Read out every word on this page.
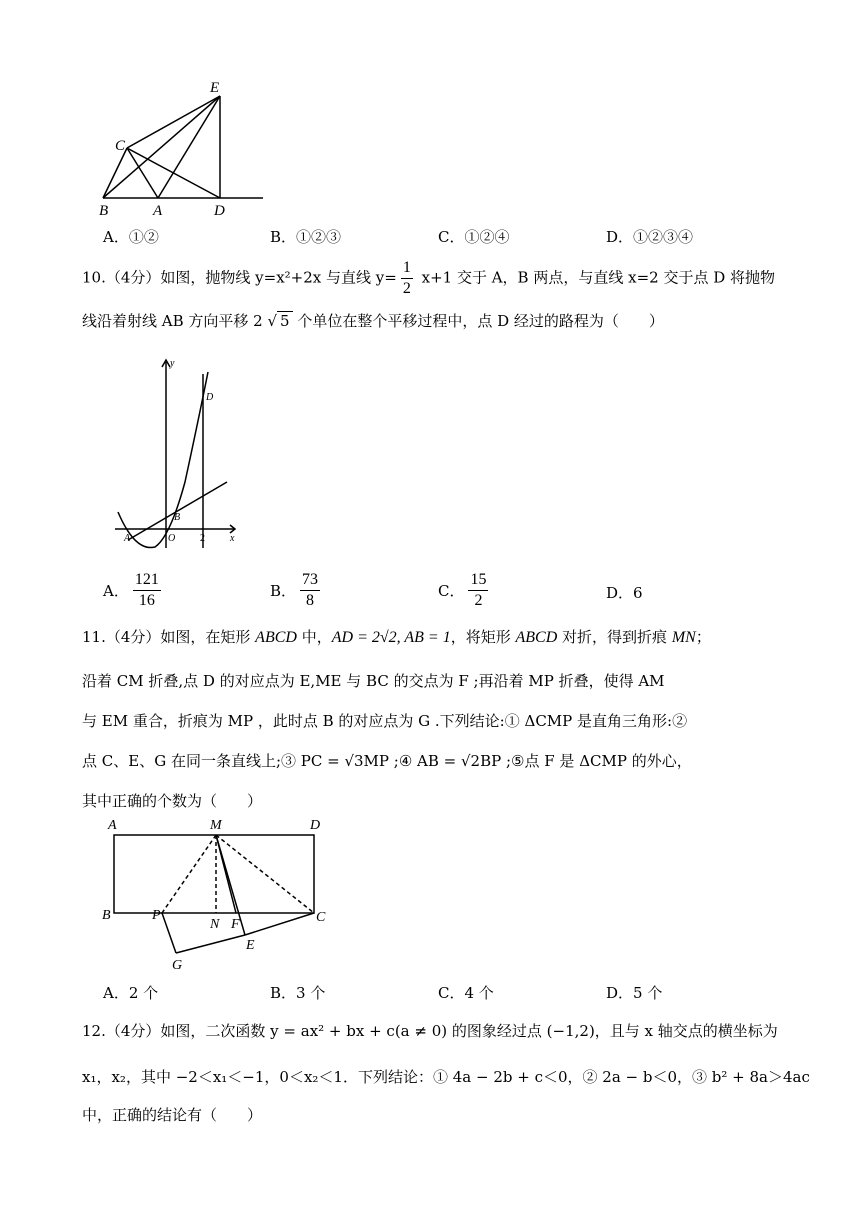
E
C
B	A	D
A．①②	B．①②③	C．①②④	D．①②③④
10.（4分）如图，抛物线 y=x²+2x 与直线 $y= \frac{1}{2} x+1$ 交于 A，B 两点，与直线 x=2 交于点 D 将抛物
线沿着射线 AB 方向平移 2 √ 5 个单位在整个平移过程中，点 D 经过的路程为（　　）
y
x
D
B
A	O 2
A． $\frac{121}{16}$	B． $\frac{73}{8}$	C． $\frac{15}{2}$	D．6
11.（4分）如图，在矩形 ABCD 中，AD = 2√2, AB = 1，将矩形 ABCD 对折，得到折痕 MN；
沿着 CM 折叠,点 D 的对应点为 E,ME 与 BC 的交点为 F ;再沿着 MP 折叠，使得 AM
与 EM 重合，折痕为 MP ，此时点 B 的对应点为 G .下列结论:① ΔCMP 是直角三角形:②
点 C、E、G 在同一条直线上;③ PC = √3MP ;④ AB = √2BP ;⑤点 F 是 ΔCMP 的外心，
其中正确的个数为（　　）
A	M	D
B	P
N F	C
E
G
A．2 个	B．3 个	C．4 个	D．5 个
12.（4分）如图，二次函数 y = ax² + bx + c(a ≠ 0) 的图象经过点 (−1,2)，且与 x 轴交点的横坐标为
x₁，x₂，其中 −2＜x₁＜−1，0＜x₂＜1．下列结论：① 4a − 2b + c＜0，② 2a − b＜0，③ b² + 8a＞4ac
中，正确的结论有（　　）
